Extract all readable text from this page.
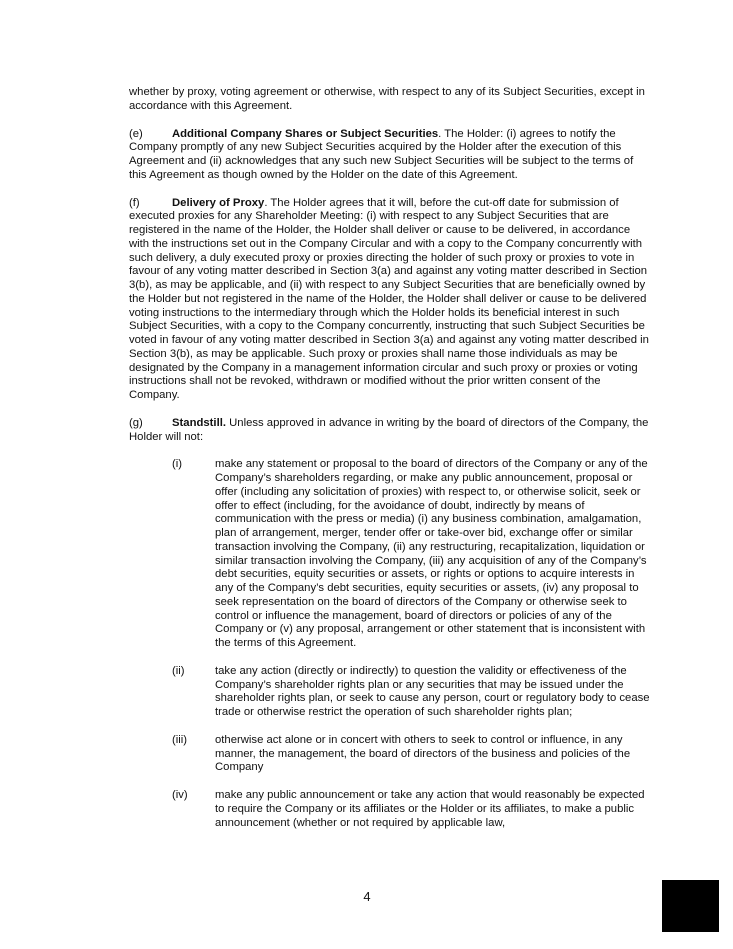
whether by proxy, voting agreement or otherwise, with respect to any of its Subject Securities, except in accordance with this Agreement.

(e)	Additional Company Shares or Subject Securities. The Holder: (i) agrees to notify the Company promptly of any new Subject Securities acquired by the Holder after the execution of this Agreement and (ii) acknowledges that any such new Subject Securities will be subject to the terms of this Agreement as though owned by the Holder on the date of this Agreement.

(f)	Delivery of Proxy. The Holder agrees that it will, before the cut-off date for submission of executed proxies for any Shareholder Meeting: (i) with respect to any Subject Securities that are registered in the name of the Holder, the Holder shall deliver or cause to be delivered, in accordance with the instructions set out in the Company Circular and with a copy to the Company concurrently with such delivery, a duly executed proxy or proxies directing the holder of such proxy or proxies to vote in favour of any voting matter described in Section 3(a) and against any voting matter described in Section 3(b), as may be applicable, and (ii) with respect to any Subject Securities that are beneficially owned by the Holder but not registered in the name of the Holder, the Holder shall deliver or cause to be delivered voting instructions to the intermediary through which the Holder holds its beneficial interest in such Subject Securities, with a copy to the Company concurrently, instructing that such Subject Securities be voted in favour of any voting matter described in Section 3(a) and against any voting matter described in Section 3(b), as may be applicable. Such proxy or proxies shall name those individuals as may be designated by the Company in a management information circular and such proxy or proxies or voting instructions shall not be revoked, withdrawn or modified without the prior written consent of the Company.

(g)	Standstill. Unless approved in advance in writing by the board of directors of the Company, the Holder will not:

(i)	make any statement or proposal to the board of directors of the Company or any of the Company’s shareholders regarding, or make any public announcement, proposal or offer (including any solicitation of proxies) with respect to, or otherwise solicit, seek or offer to effect (including, for the avoidance of doubt, indirectly by means of communication with the press or media) (i) any business combination, amalgamation, plan of arrangement, merger, tender offer or take-over bid, exchange offer or similar transaction involving the Company, (ii) any restructuring, recapitalization, liquidation or similar transaction involving the Company, (iii) any acquisition of any of the Company’s debt securities, equity securities or assets, or rights or options to acquire interests in any of the Company’s debt securities, equity securities or assets, (iv) any proposal to seek representation on the board of directors of the Company or otherwise seek to control or influence the management, board of directors or policies of any of the Company or (v) any proposal, arrangement or other statement that is inconsistent with the terms of this Agreement.

(ii)	take any action (directly or indirectly) to question the validity or effectiveness of the Company’s shareholder rights plan or any securities that may be issued under the shareholder rights plan, or seek to cause any person, court or regulatory body to cease trade or otherwise restrict the operation of such shareholder rights plan;

(iii) otherwise act alone or in concert with others to seek to control or influence, in any manner, the management, the board of directors of the business and policies of the Company

(iv) make any public announcement or take any action that would reasonably be expected to require the Company or its affiliates or the Holder or its affiliates, to make a public announcement (whether or not required by applicable law,

4
